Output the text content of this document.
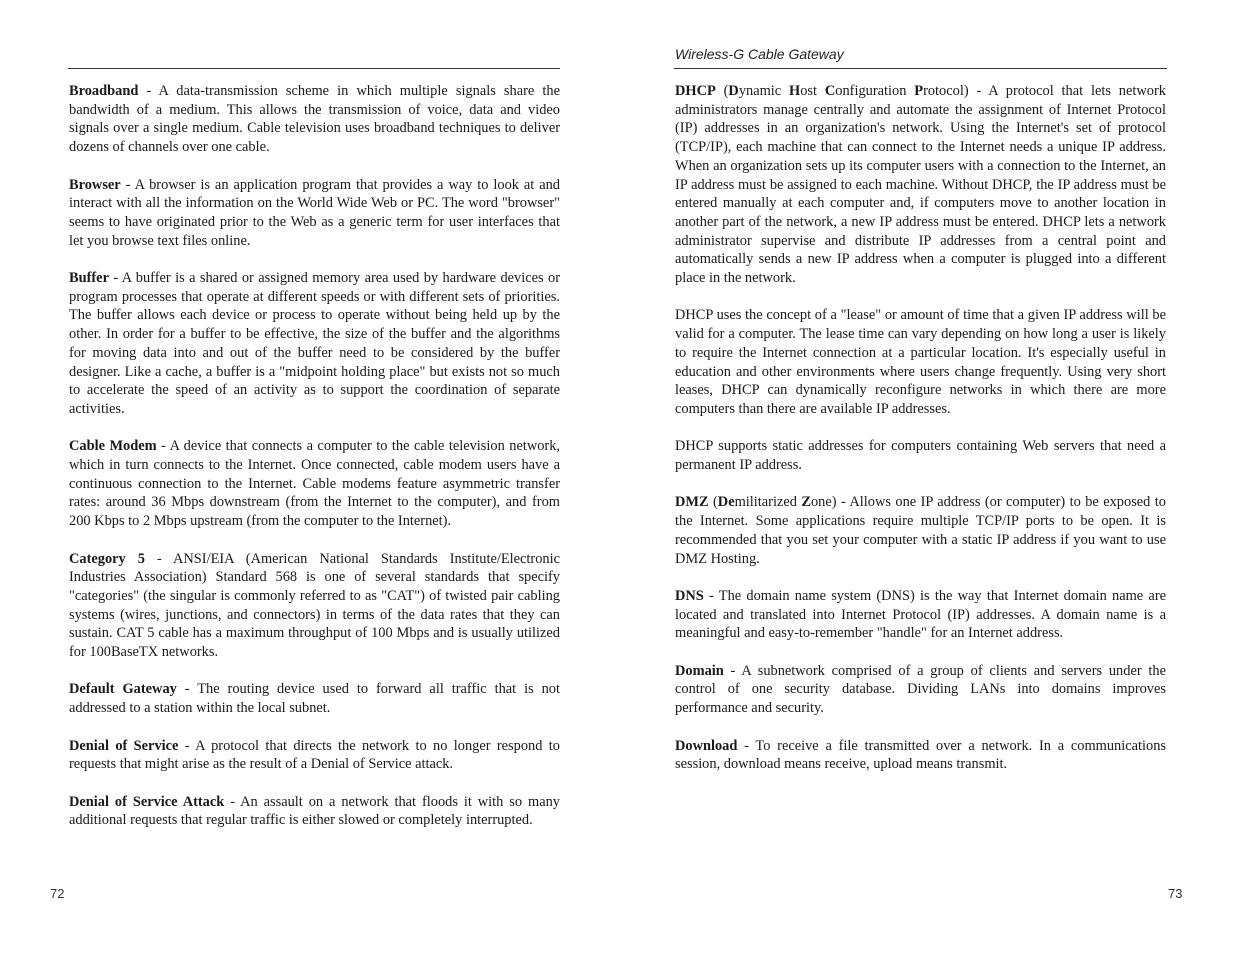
Broadband - A data-transmission scheme in which multiple signals share the bandwidth of a medium. This allows the transmission of voice, data and video signals over a single medium. Cable television uses broadband techniques to deliver dozens of channels over one cable.

Browser - A browser is an application program that provides a way to look at and interact with all the information on the World Wide Web or PC. The word "browser" seems to have originated prior to the Web as a generic term for user interfaces that let you browse text files online.

Buffer - A buffer is a shared or assigned memory area used by hardware devices or program processes that operate at different speeds or with different sets of priorities. The buffer allows each device or process to operate without being held up by the other. In order for a buffer to be effective, the size of the buffer and the algorithms for moving data into and out of the buffer need to be considered by the buffer designer. Like a cache, a buffer is a "midpoint holding place" but exists not so much to accelerate the speed of an activity as to support the coordination of separate activities.

Cable Modem - A device that connects a computer to the cable television network, which in turn connects to the Internet. Once connected, cable modem users have a continuous connection to the Internet. Cable modems feature asymmetric transfer rates: around 36 Mbps downstream (from the Internet to the computer), and from 200 Kbps to 2 Mbps upstream (from the computer to the Internet).

Category 5 - ANSI/EIA (American National Standards Institute/Electronic Industries Association) Standard 568 is one of several standards that specify "categories" (the singular is commonly referred to as "CAT") of twisted pair cabling systems (wires, junctions, and connectors) in terms of the data rates that they can sustain. CAT 5 cable has a maximum throughput of 100 Mbps and is usually utilized for 100BaseTX networks.

Default Gateway - The routing device used to forward all traffic that is not addressed to a station within the local subnet.

Denial of Service - A protocol that directs the network to no longer respond to requests that might arise as the result of a Denial of Service attack.

Denial of Service Attack - An assault on a network that floods it with so many additional requests that regular traffic is either slowed or completely interrupted.

72
Wireless-G Cable Gateway

DHCP (Dynamic Host Configuration Protocol) - A protocol that lets network administrators manage centrally and automate the assignment of Internet Protocol (IP) addresses in an organization's network. Using the Internet's set of protocol (TCP/IP), each machine that can connect to the Internet needs a unique IP address. When an organization sets up its computer users with a connection to the Internet, an IP address must be assigned to each machine. Without DHCP, the IP address must be entered manually at each computer and, if computers move to another location in another part of the network, a new IP address must be entered. DHCP lets a network administrator supervise and distribute IP addresses from a central point and automatically sends a new IP address when a computer is plugged into a different place in the network.

DHCP uses the concept of a "lease" or amount of time that a given IP address will be valid for a computer. The lease time can vary depending on how long a user is likely to require the Internet connection at a particular location. It's especially useful in education and other environments where users change frequently. Using very short leases, DHCP can dynamically reconfigure networks in which there are more computers than there are available IP addresses.

DHCP supports static addresses for computers containing Web servers that need a permanent IP address.

DMZ (Demilitarized Zone) - Allows one IP address (or computer) to be exposed to the Internet. Some applications require multiple TCP/IP ports to be open. It is recommended that you set your computer with a static IP address if you want to use DMZ Hosting.

DNS - The domain name system (DNS) is the way that Internet domain name are located and translated into Internet Protocol (IP) addresses. A domain name is a meaningful and easy-to-remember "handle" for an Internet address.

Domain - A subnetwork comprised of a group of clients and servers under the control of one security database. Dividing LANs into domains improves performance and security.

Download - To receive a file transmitted over a network. In a communications session, download means receive, upload means transmit.

73
